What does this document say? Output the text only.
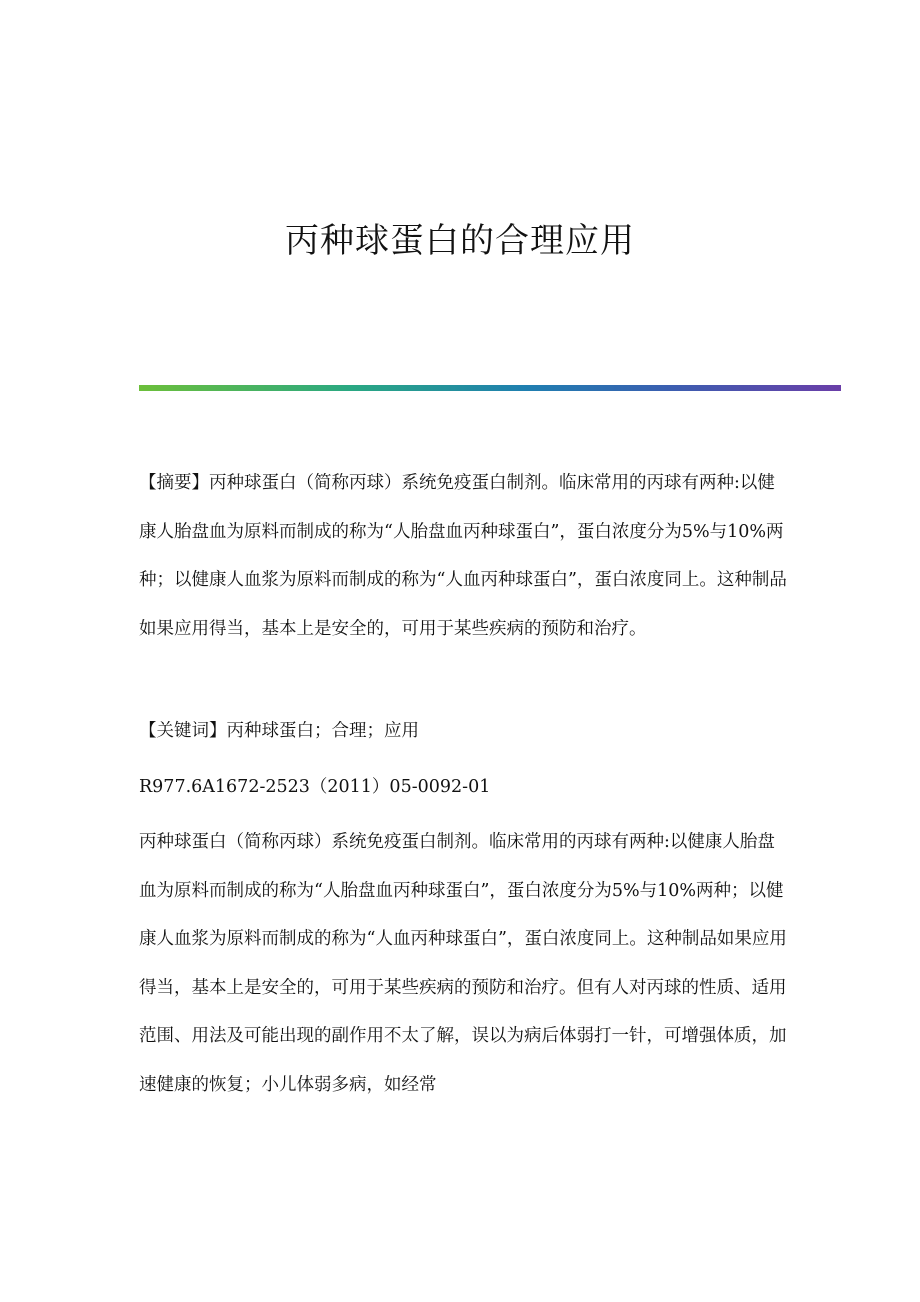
丙种球蛋白的合理应用

【摘要】丙种球蛋白（简称丙球）系统免疫蛋白制剂。临床常用的丙球有两种:以健康人胎盘血为原料而制成的称为“人胎盘血丙种球蛋白”，蛋白浓度分为5%与10%两种；以健康人血浆为原料而制成的称为“人血丙种球蛋白”，蛋白浓度同上。这种制品如果应用得当，基本上是安全的，可用于某些疾病的预防和治疗。

【关键词】丙种球蛋白；合理；应用

R977.6A1672-2523（2011）05-0092-01

丙种球蛋白（简称丙球）系统免疫蛋白制剂。临床常用的丙球有两种:以健康人胎盘血为原料而制成的称为“人胎盘血丙种球蛋白”，蛋白浓度分为5%与10%两种；以健康人血浆为原料而制成的称为“人血丙种球蛋白”，蛋白浓度同上。这种制品如果应用得当，基本上是安全的，可用于某些疾病的预防和治疗。但有人对丙球的性质、适用范围、用法及可能出现的副作用不太了解，误以为病后体弱打一针，可增强体质，加速健康的恢复；小儿体弱多病，如经常
